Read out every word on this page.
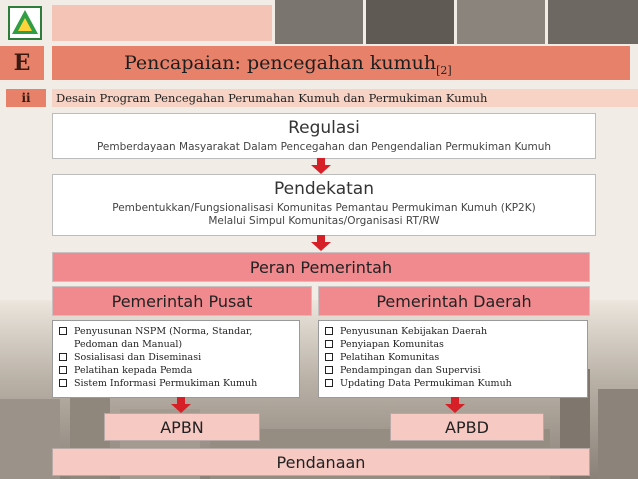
E	Pencapaian: pencegahan kumuh$_{[2]}$
ii	Desain Program Pencegahan Perumahan Kumuh dan Permukiman Kumuh
Regulasi
Pemberdayaan Masyarakat Dalam Pencegahan dan Pengendalian Permukiman Kumuh
Pendekatan
Pembentukkan/Fungsionalisasi Komunitas Pemantau Permukiman Kumuh (KP2K)
Melalui Simpul Komunitas/Organisasi RT/RW
Peran Pemerintah
Pemerintah Pusat	Pemerintah Daerah
Penyusunan NSPM (Norma, Standar, Pedoman dan Manual)
Sosialisasi dan Diseminasi
Pelatihan kepada Pemda
Sistem Informasi Permukiman Kumuh
Penyusunan Kebijakan Daerah
Penyiapan Komunitas
Pelatihan Komunitas
Pendampingan dan Supervisi
Updating Data Permukiman Kumuh
APBN	APBD
Pendanaan
